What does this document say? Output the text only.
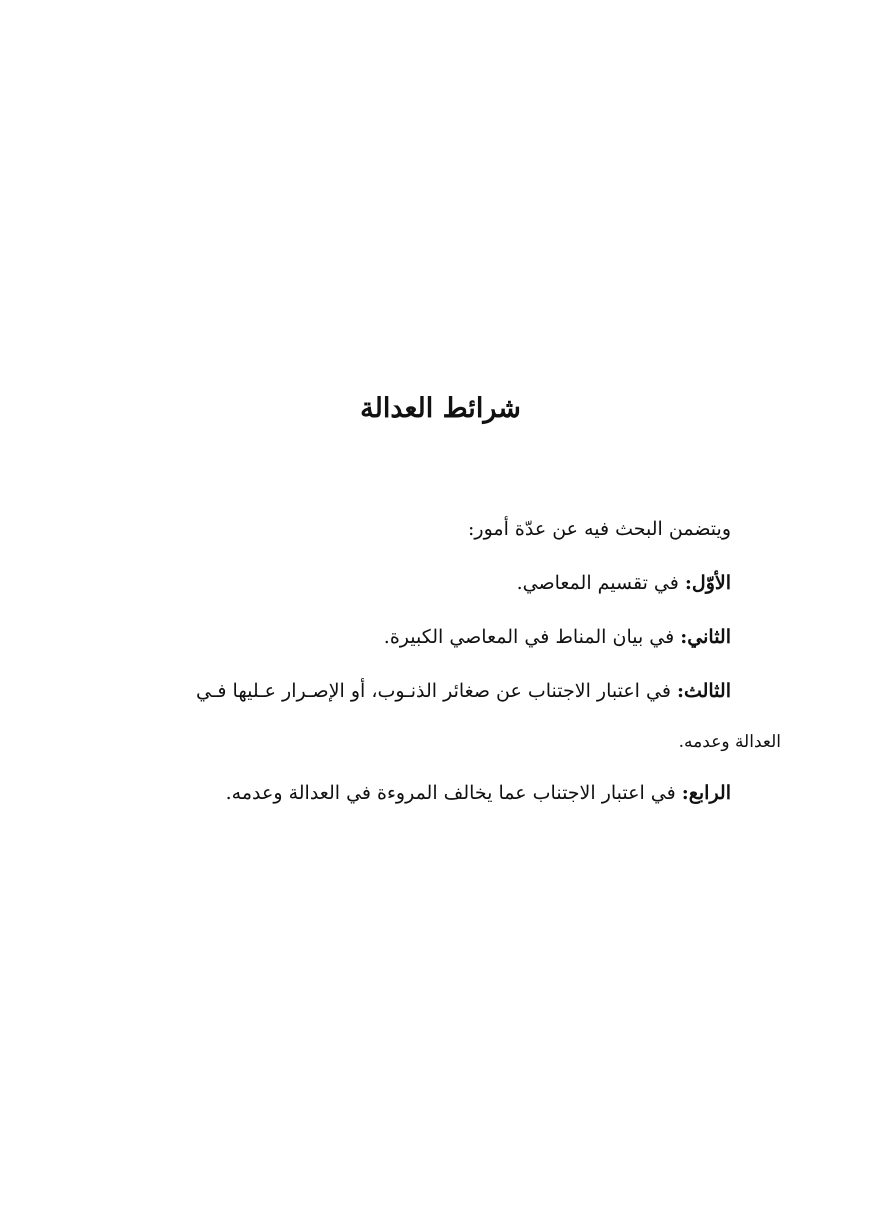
شرائط العدالة

ويتضمن البحث فيه عن عدّة أمور:

الأوّل: في تقسيم المعاصي.

الثاني: في بيان المناط في المعاصي الكبيرة.

الثالث: في اعتبار الاجتناب عن صغائر الذنـوب، أو الإصـرار عـليها فـي
العدالة وعدمه.

الرابع: في اعتبار الاجتناب عما يخالف المروءة في العدالة وعدمه.
